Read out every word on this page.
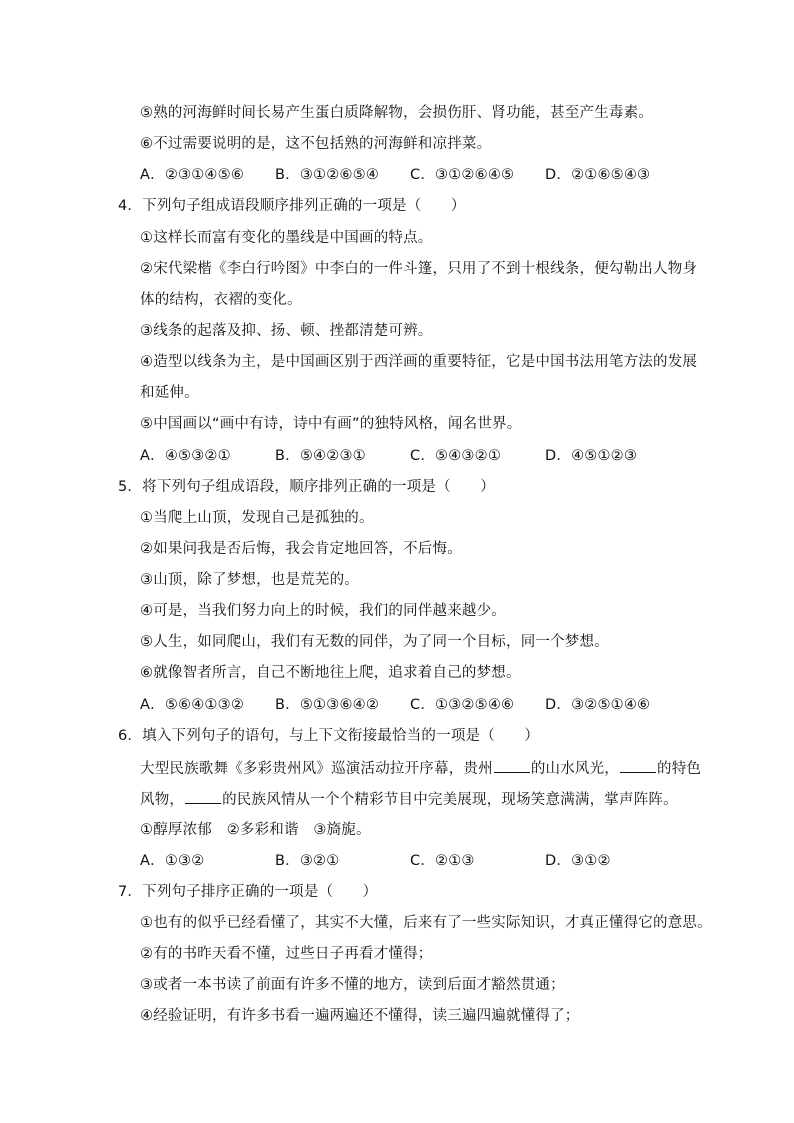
⑤熟的河海鲜时间长易产生蛋白质降解物，会损伤肝、肾功能，甚至产生毒素。
⑥不过需要说明的是，这不包括熟的河海鲜和凉拌菜。
A．②③①④⑤⑥ B．③①②⑥⑤④ C．③①②⑥④⑤ D．②①⑥⑤④③
4．下列句子组成语段顺序排列正确的一项是（　　）
①这样长而富有变化的墨线是中国画的特点。
②宋代梁楷《李白行吟图》中李白的一件斗篷，只用了不到十根线条，便勾勒出人物身
体的结构，衣褶的变化。
③线条的起落及抑、扬、顿、挫都清楚可辨。
④造型以线条为主，是中国画区别于西洋画的重要特征，它是中国书法用笔方法的发展
和延伸。
⑤中国画以“画中有诗，诗中有画”的独特风格，闻名世界。
A．④⑤③②①	B．⑤④②③①	C．⑤④③②①	D．④⑤①②③
5．将下列句子组成语段，顺序排列正确的一项是（　　）
①当爬上山顶，发现自己是孤独的。
②如果问我是否后悔，我会肯定地回答，不后悔。
③山顶，除了梦想，也是荒芜的。
④可是，当我们努力向上的时候，我们的同伴越来越少。
⑤人生，如同爬山，我们有无数的同伴，为了同一个目标，同一个梦想。
⑥就像智者所言，自己不断地往上爬，追求着自己的梦想。
A．⑤⑥④①③② B．⑤①③⑥④② C．①③②⑤④⑥ D．③②⑤①④⑥
6．填入下列句子的语句，与上下文衔接最恰当的一项是（　　）
大型民族歌舞《多彩贵州风》巡演活动拉开序幕，贵州	的山水风光，	的特色
风物，	的民族风情从一个个精彩节目中完美展现，现场笑意满满，掌声阵阵。
①醇厚浓郁　②多彩和谐　③旖旎。
A．①③②	B．③②①	C．②①③	D．③①②
7．下列句子排序正确的一项是（　　）
①也有的似乎已经看懂了，其实不大懂，后来有了一些实际知识，才真正懂得它的意思。
②有的书昨天看不懂，过些日子再看才懂得；
③或者一本书读了前面有许多不懂的地方，读到后面才豁然贯通；
④经验证明，有许多书看一遍两遍还不懂得，读三遍四遍就懂得了；
